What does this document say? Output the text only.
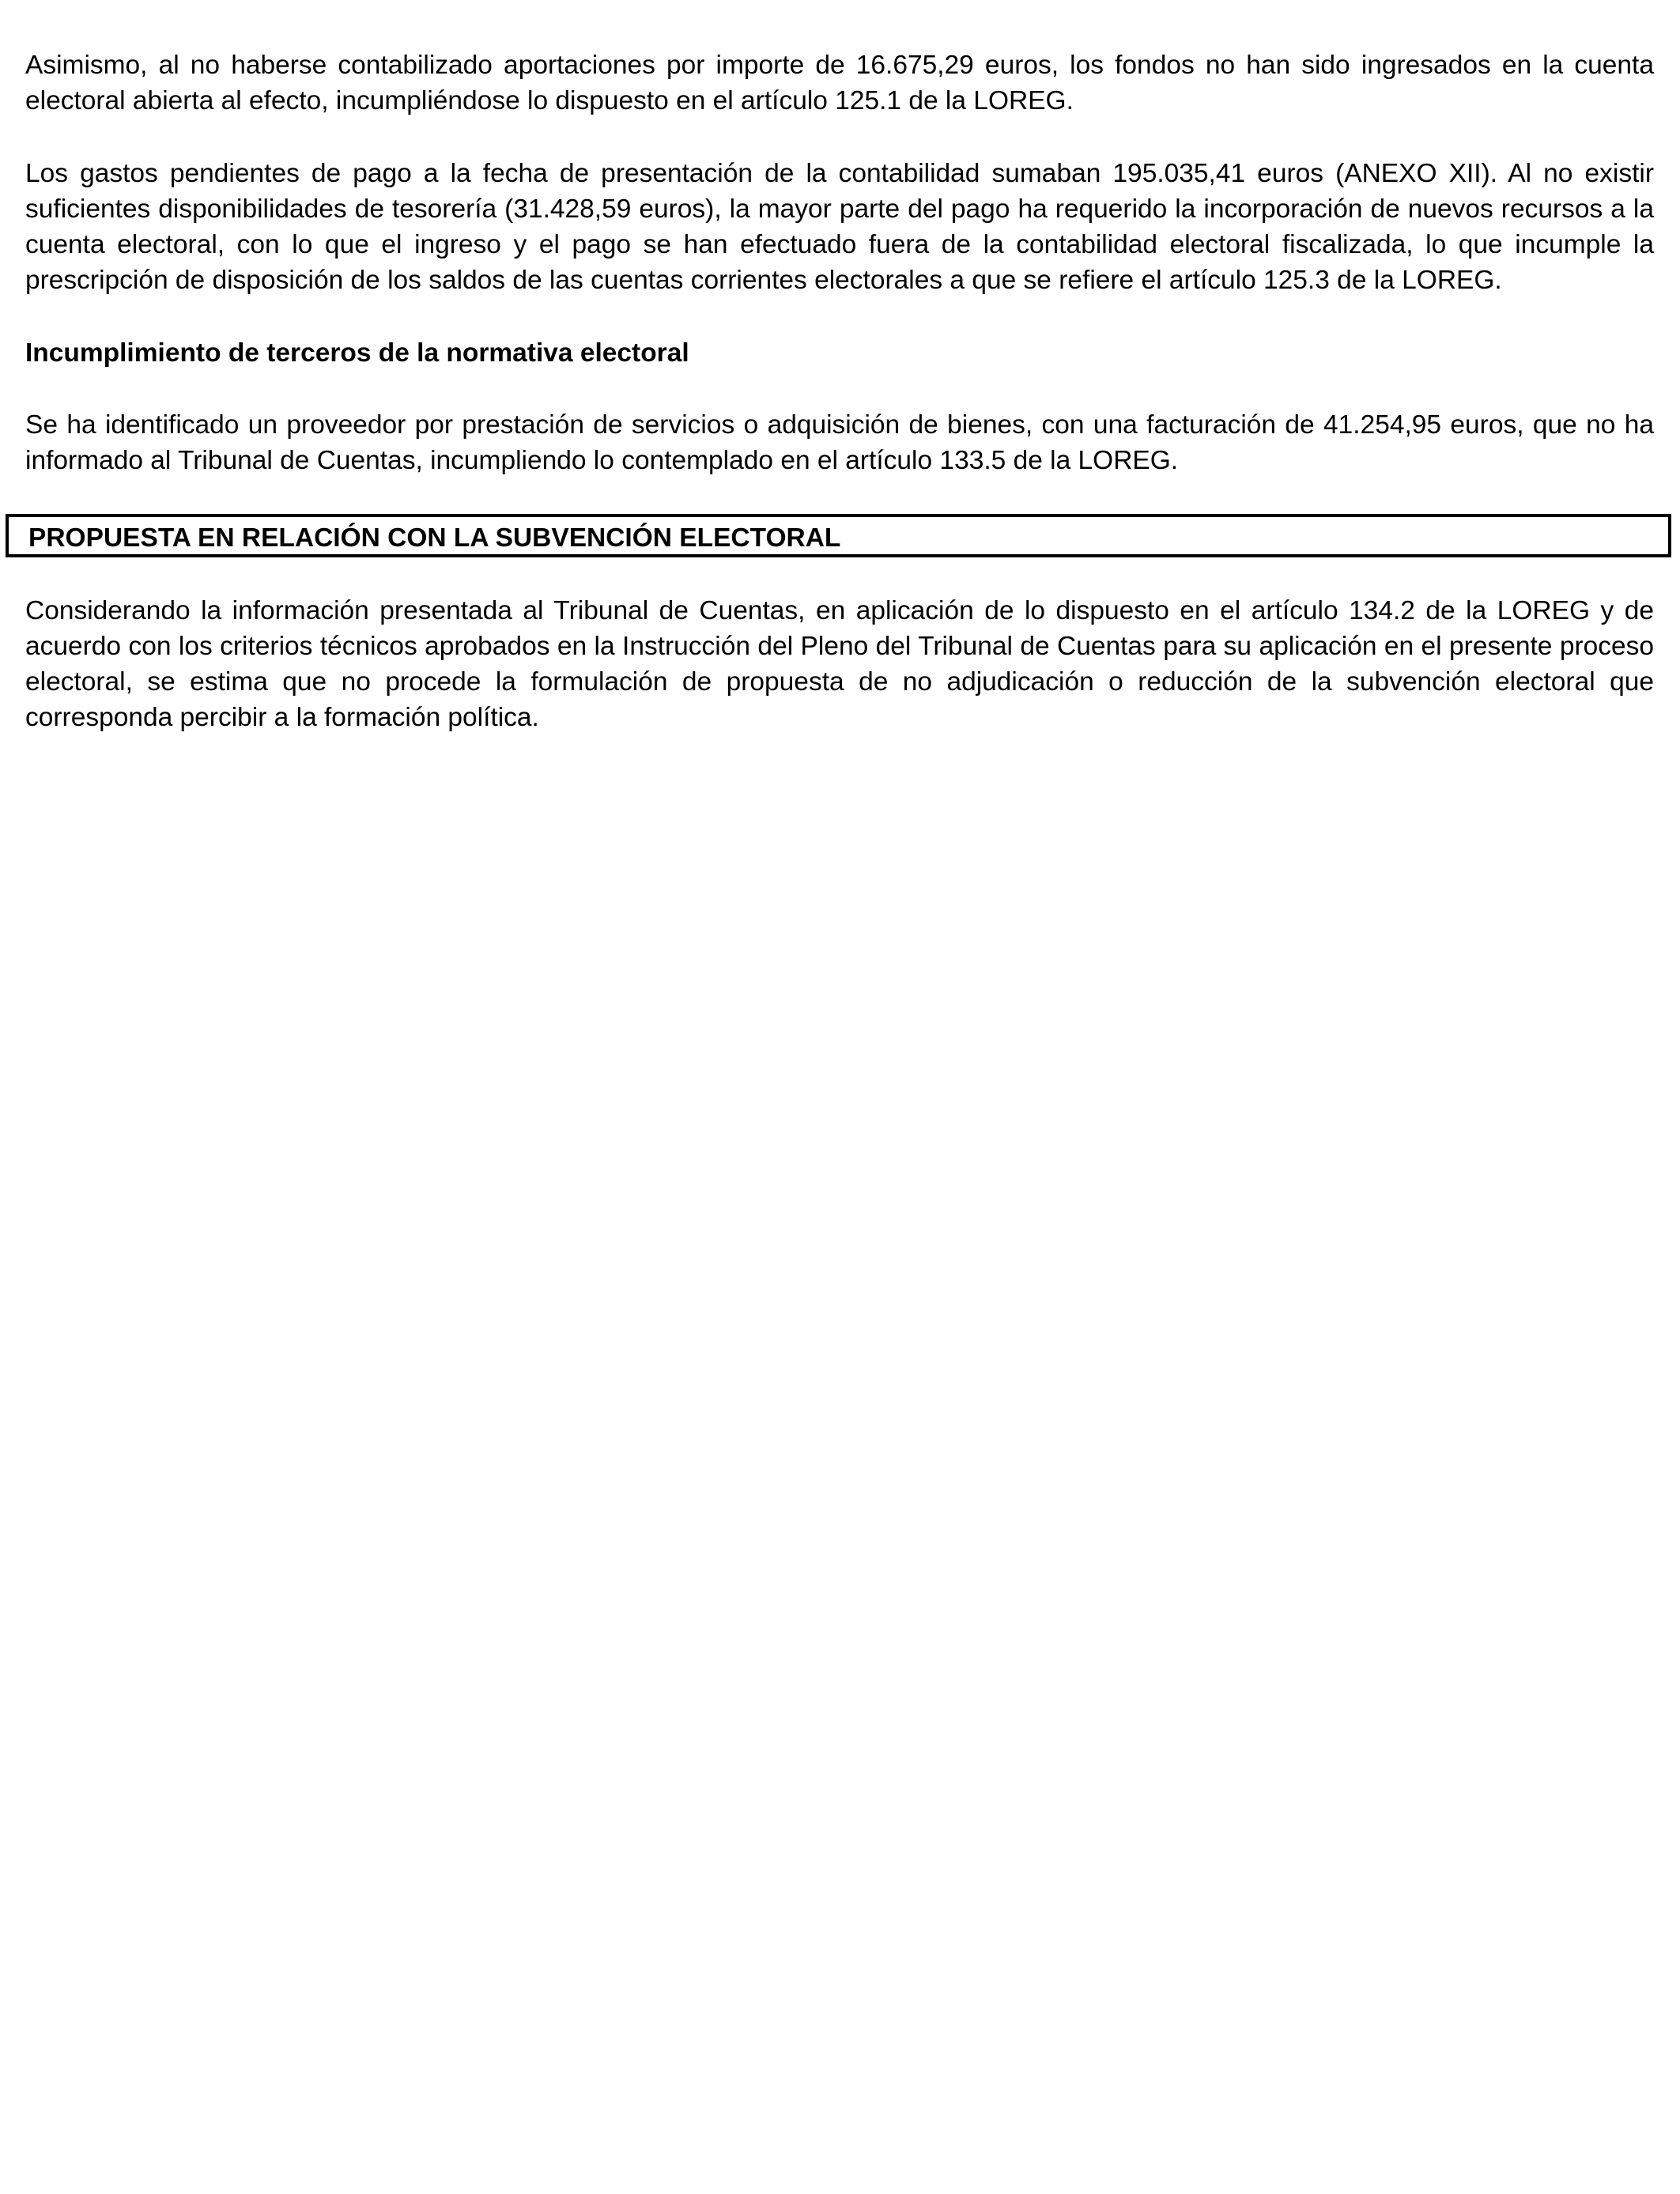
Asimismo, al no haberse contabilizado aportaciones por importe de 16.675,29 euros, los fondos no han sido ingresados en la cuenta electoral abierta al efecto, incumpliéndose lo dispuesto en el artículo 125.1 de la LOREG.

Los gastos pendientes de pago a la fecha de presentación de la contabilidad sumaban 195.035,41 euros (ANEXO XII). Al no existir suficientes disponibilidades de tesorería (31.428,59 euros), la mayor parte del pago ha requerido la incorporación de nuevos recursos a la cuenta electoral, con lo que el ingreso y el pago se han efectuado fuera de la contabilidad electoral fiscalizada, lo que incumple la prescripción de disposición de los saldos de las cuentas corrientes electorales a que se refiere el artículo 125.3 de la LOREG.

Incumplimiento de terceros de la normativa electoral

Se ha identificado un proveedor por prestación de servicios o adquisición de bienes, con una facturación de 41.254,95 euros, que no ha informado al Tribunal de Cuentas, incumpliendo lo contemplado en el artículo 133.5 de la LOREG.

PROPUESTA EN RELACIÓN CON LA SUBVENCIÓN ELECTORAL

Considerando la información presentada al Tribunal de Cuentas, en aplicación de lo dispuesto en el artículo 134.2 de la LOREG y de acuerdo con los criterios técnicos aprobados en la Instrucción del Pleno del Tribunal de Cuentas para su aplicación en el presente proceso electoral, se estima que no procede la formulación de propuesta de no adjudicación o reducción de la subvención electoral que corresponda percibir a la formación política.
